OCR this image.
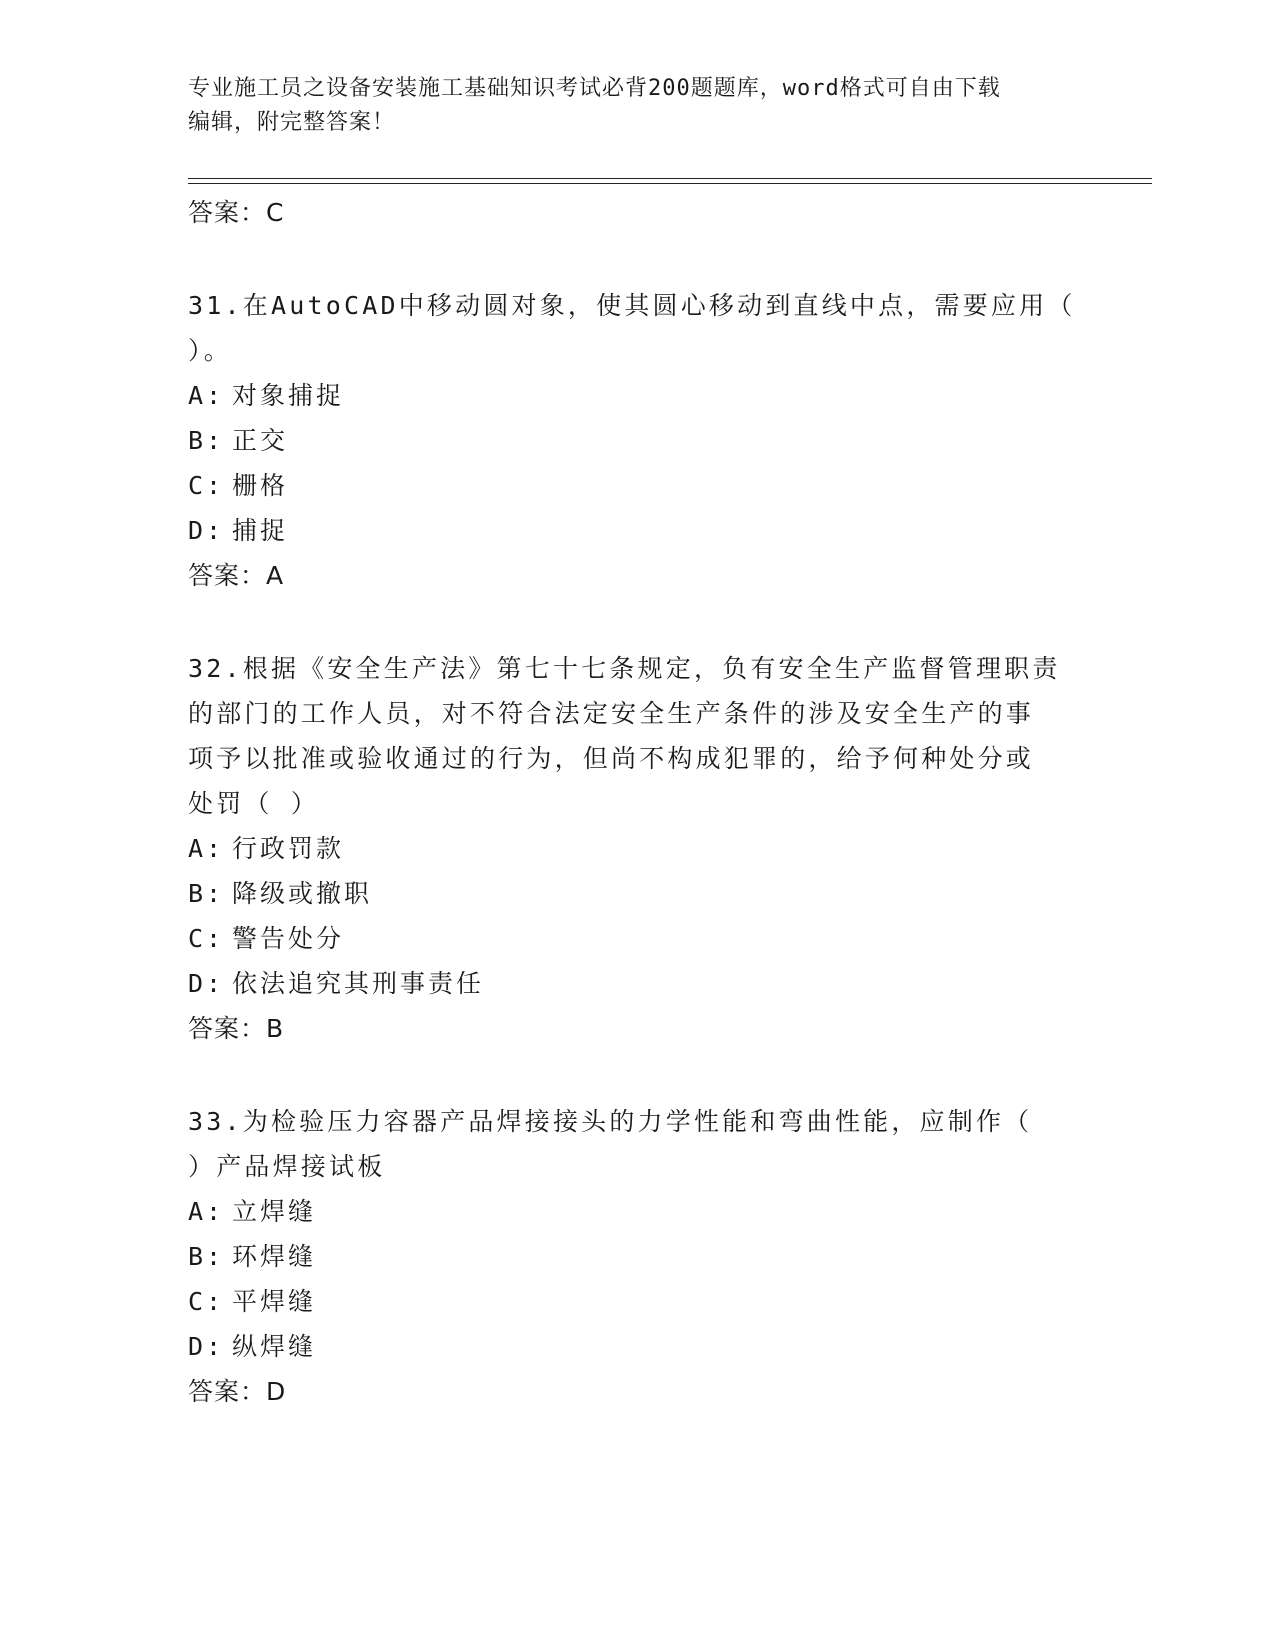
专业施工员之设备安装施工基础知识考试必背200题题库，word格式可自由下载
编辑，附完整答案！
答案：C

31.在AutoCAD中移动圆对象，使其圆心移动到直线中点，需要应用（
）。

A: 对象捕捉
B: 正交
C: 栅格
D: 捕捉
答案：A

32.根据《安全生产法》第七十七条规定，负有安全生产监督管理职责
的部门的工作人员，对不符合法定安全生产条件的涉及安全生产的事
项予以批准或验收通过的行为，但尚不构成犯罪的，给予何种处分或
处罚（ ）

A: 行政罚款
B: 降级或撤职
C: 警告处分
D: 依法追究其刑事责任
答案：B

33.为检验压力容器产品焊接接头的力学性能和弯曲性能，应制作（
）产品焊接试板

A: 立焊缝
B: 环焊缝
C: 平焊缝
D: 纵焊缝
答案：D
